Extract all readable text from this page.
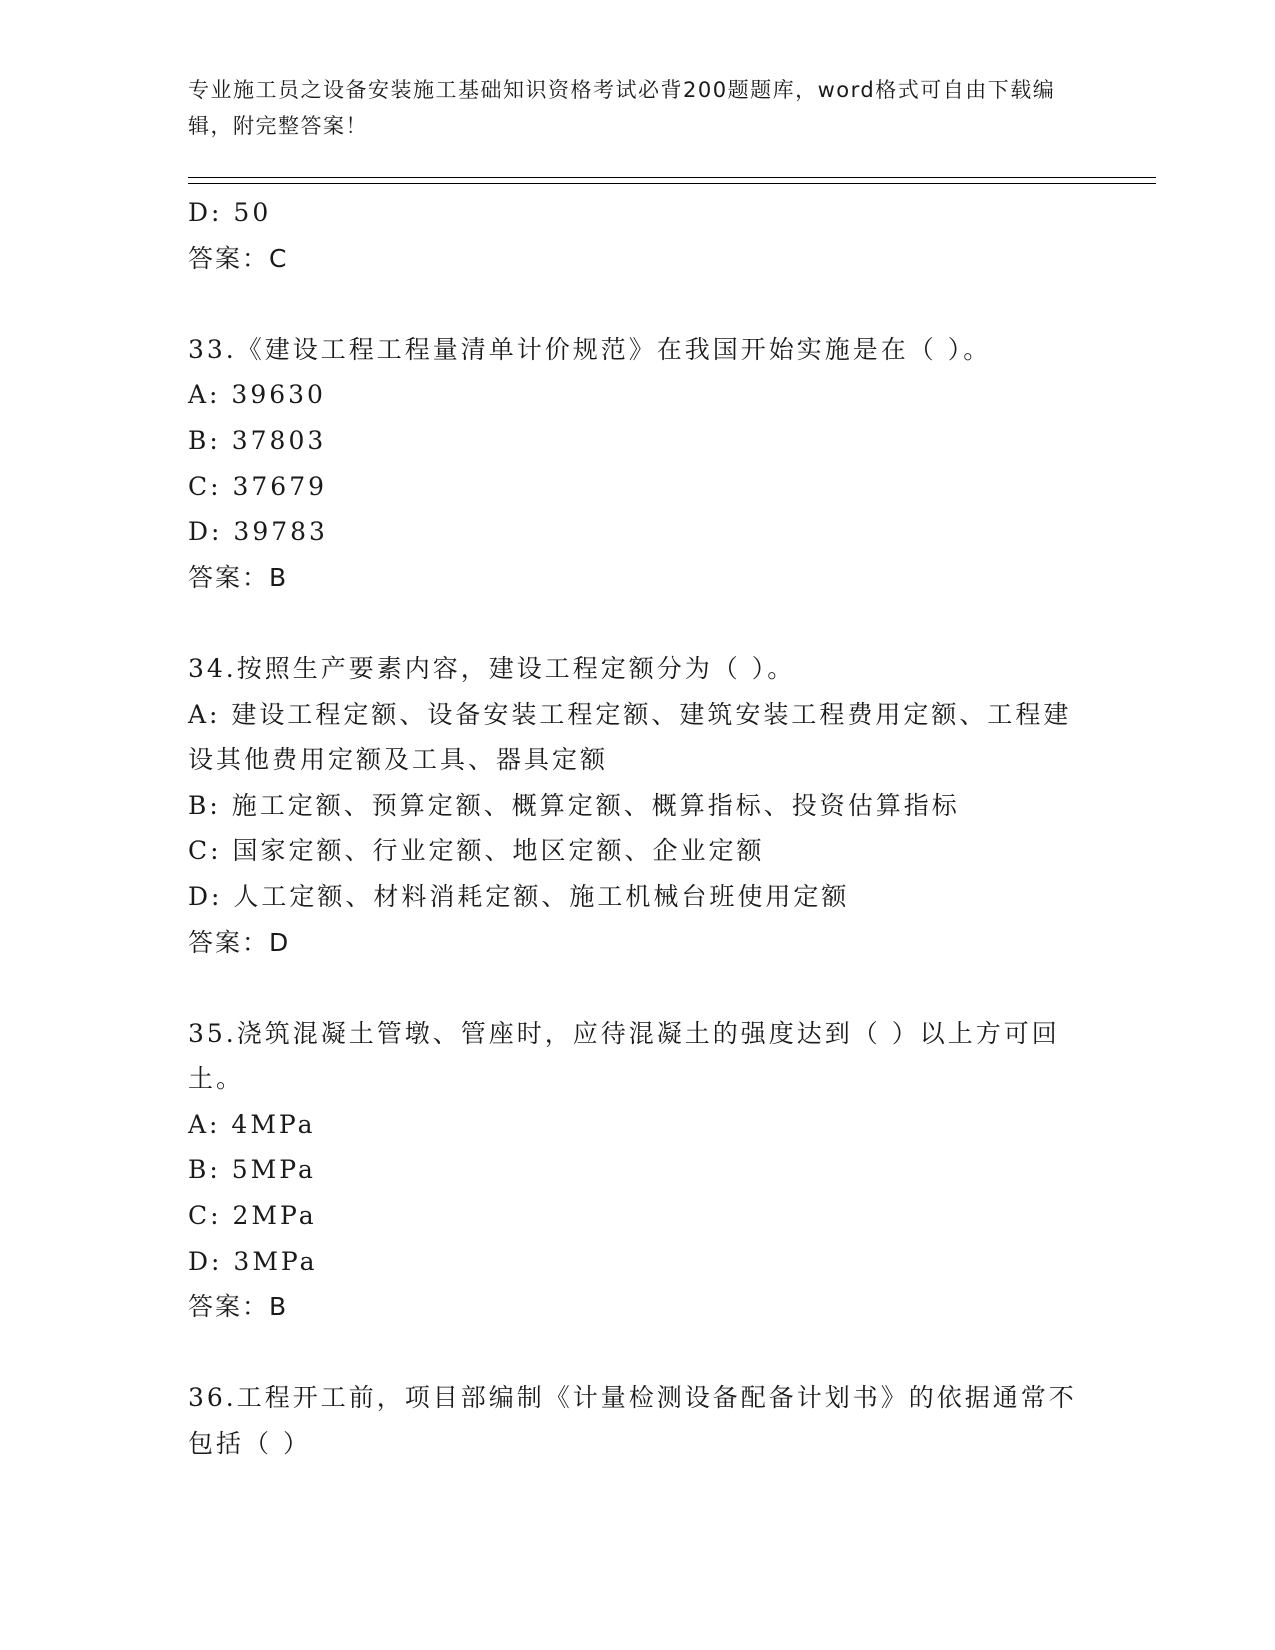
专业施工员之设备安装施工基础知识资格考试必背200题题库，word格式可自由下载编辑，附完整答案！
D: 50
答案：C
33.《建设工程工程量清单计价规范》在我国开始实施是在（ ）。
A: 39630
B: 37803
C: 37679
D: 39783
答案：B
34.按照生产要素内容，建设工程定额分为（ ）。
A: 建设工程定额、设备安装工程定额、建筑安装工程费用定额、工程建设其他费用定额及工具、器具定额
B: 施工定额、预算定额、概算定额、概算指标、投资估算指标
C: 国家定额、行业定额、地区定额、企业定额
D: 人工定额、材料消耗定额、施工机械台班使用定额
答案：D
35.浇筑混凝土管墩、管座时，应待混凝土的强度达到（ ）以上方可回土。
A: 4MPa
B: 5MPa
C: 2MPa
D: 3MPa
答案：B
36.工程开工前，项目部编制《计量检测设备配备计划书》的依据通常不包括（ ）
